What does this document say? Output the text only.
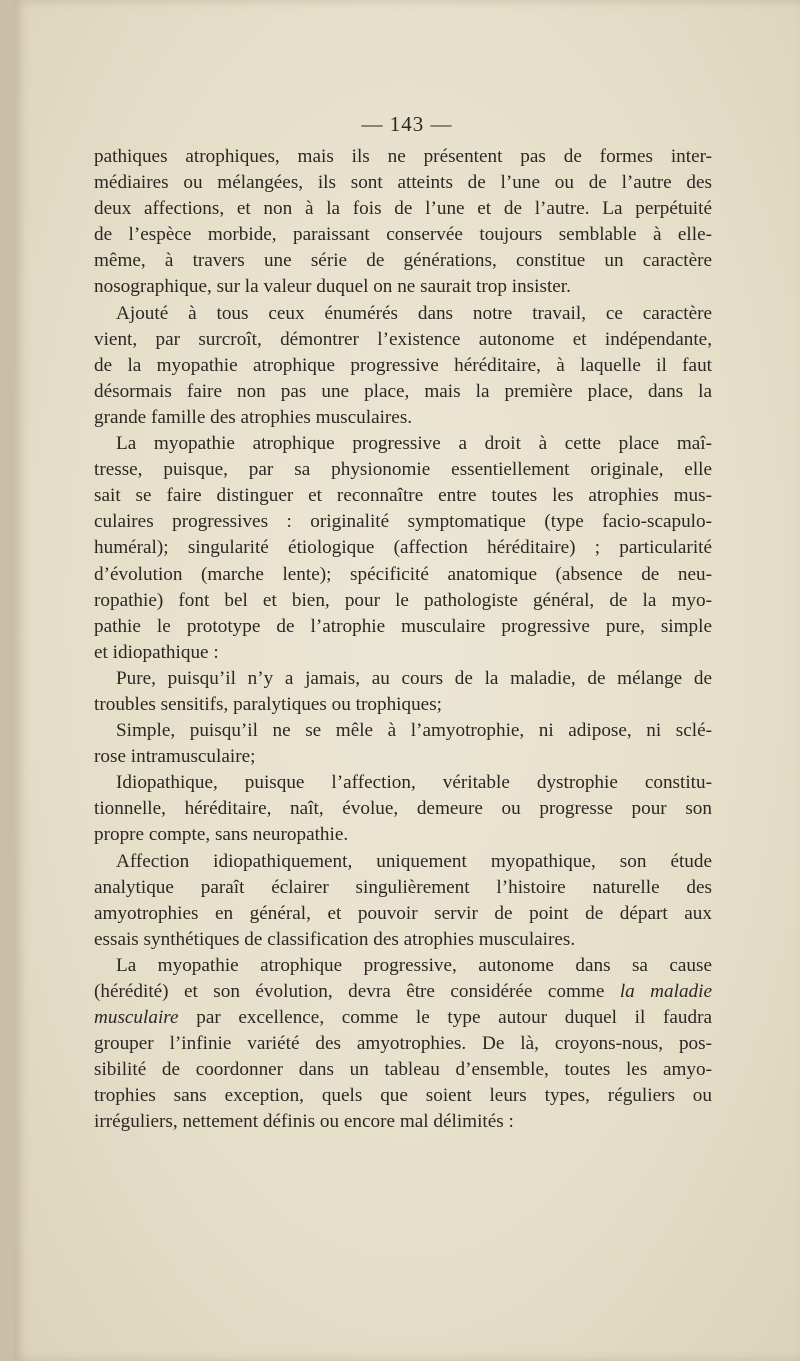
— 143 —
pathiques atrophiques, mais ils ne présentent pas de formes inter-
médiaires ou mélangées, ils sont atteints de l’une ou de l’autre des
deux affections, et non à la fois de l’une et de l’autre. La perpétuité
de l’espèce morbide, paraissant conservée toujours semblable à elle-
même, à travers une série de générations, constitue un caractère
nosographique, sur la valeur duquel on ne saurait trop insister.
Ajouté à tous ceux énumérés dans notre travail, ce caractère
vient, par surcroît, démontrer l’existence autonome et indépendante,
de la myopathie atrophique progressive héréditaire, à laquelle il faut
désormais faire non pas une place, mais la première place, dans la
grande famille des atrophies musculaires.
La myopathie atrophique progressive a droit à cette place maî-
tresse, puisque, par sa physionomie essentiellement originale, elle
sait se faire distinguer et reconnaître entre toutes les atrophies mus-
culaires progressives : originalité symptomatique (type facio-scapulo-
huméral); singularité étiologique (affection héréditaire) ; particularité
d’évolution (marche lente); spécificité anatomique (absence de neu-
ropathie) font bel et bien, pour le pathologiste général, de la myo-
pathie le prototype de l’atrophie musculaire progressive pure, simple
et idiopathique :
Pure, puisqu’il n’y a jamais, au cours de la maladie, de mélange de
troubles sensitifs, paralytiques ou trophiques;
Simple, puisqu’il ne se mêle à l’amyotrophie, ni adipose, ni sclé-
rose intramusculaire;
Idiopathique, puisque l’affection, véritable dystrophie constitu-
tionnelle, héréditaire, naît, évolue, demeure ou progresse pour son
propre compte, sans neuropathie.
Affection idiopathiquement, uniquement myopathique, son étude
analytique paraît éclairer singulièrement l’histoire naturelle des
amyotrophies en général, et pouvoir servir de point de départ aux
essais synthétiques de classification des atrophies musculaires.
La myopathie atrophique progressive, autonome dans sa cause
(hérédité) et son évolution, devra être considérée comme la maladie
musculaire par excellence, comme le type autour duquel il faudra
grouper l’infinie variété des amyotrophies. De là, croyons-nous, pos-
sibilité de coordonner dans un tableau d’ensemble, toutes les amyo-
trophies sans exception, quels que soient leurs types, réguliers ou
irréguliers, nettement définis ou encore mal délimités :
